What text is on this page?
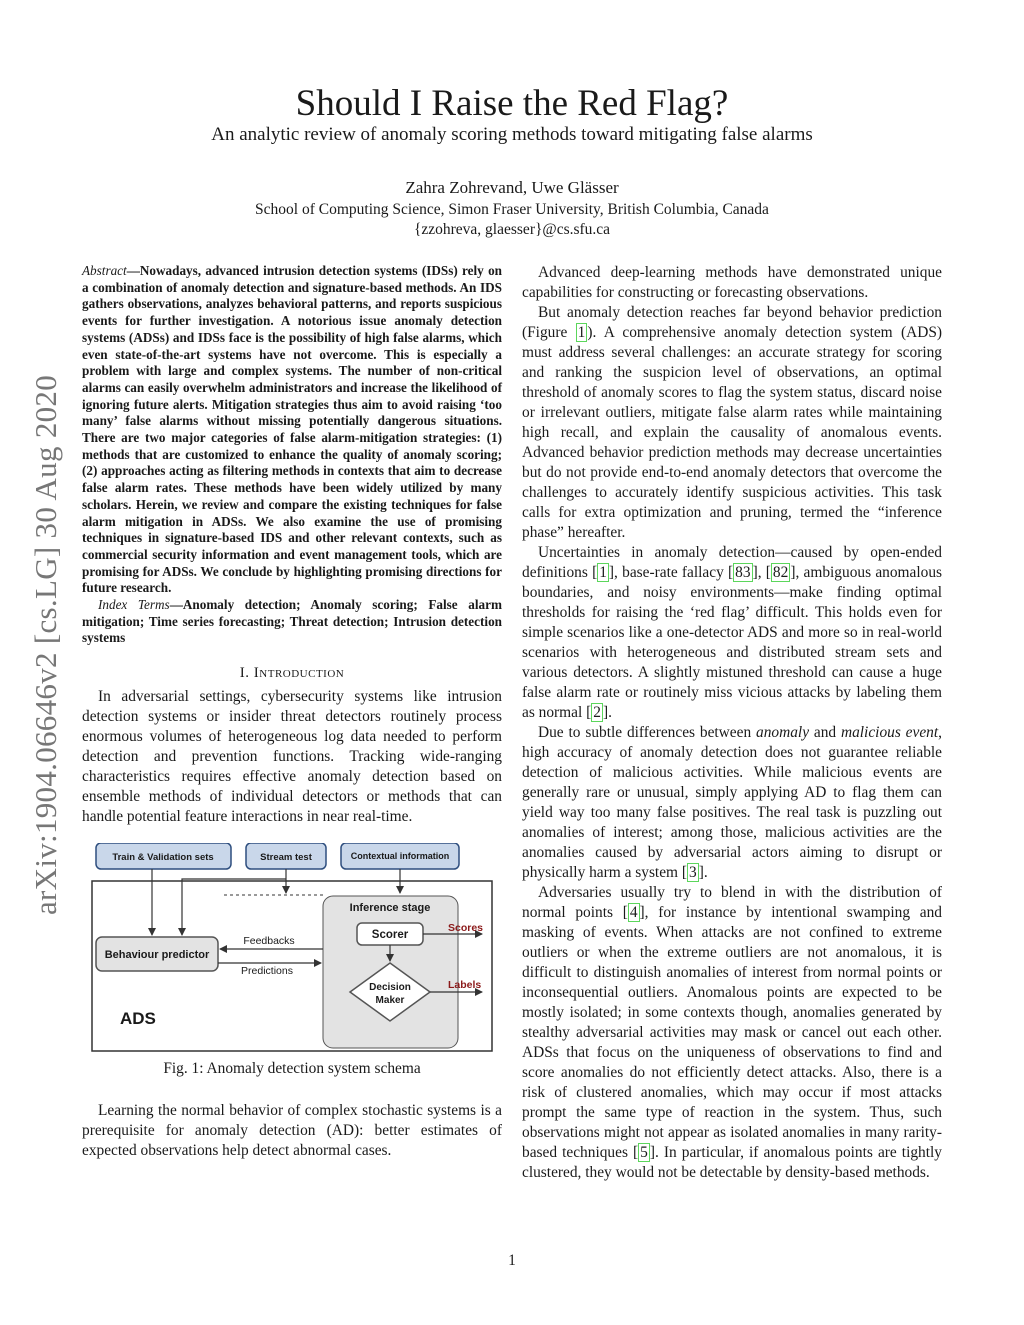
arXiv:1904.06646v2 [cs.LG] 30 Aug 2020
Should I Raise the Red Flag?
An analytic review of anomaly scoring methods toward mitigating false alarms
Zahra Zohrevand, Uwe Glässer
School of Computing Science, Simon Fraser University, British Columbia, Canada
{zzohreva, glaesser}@cs.sfu.ca

Abstract—Nowadays, advanced intrusion detection systems (IDSs) rely on a combination of anomaly detection and signature-based methods. An IDS gathers observations, analyzes behavioral patterns, and reports suspicious events for further investigation. A notorious issue anomaly detection systems (ADSs) and IDSs face is the possibility of high false alarms, which even state-of-the-art systems have not overcome. This is especially a problem with large and complex systems. The number of non-critical alarms can easily overwhelm administrators and increase the likelihood of ignoring future alerts. Mitigation strategies thus aim to avoid raising ‘too many’ false alarms without missing potentially dangerous situations. There are two major categories of false alarm-mitigation strategies: (1) methods that are customized to enhance the quality of anomaly scoring; (2) approaches acting as filtering methods in contexts that aim to decrease false alarm rates. These methods have been widely utilized by many scholars. Herein, we review and compare the existing techniques for false alarm mitigation in ADSs. We also examine the use of promising techniques in signature-based IDS and other relevant contexts, such as commercial security information and event management tools, which are promising for ADSs. We conclude by highlighting promising directions for future research.

Index Terms—Anomaly detection; Anomaly scoring; False alarm mitigation; Time series forecasting; Threat detection; Intrusion detection systems

I. Introduction

In adversarial settings, cybersecurity systems like intrusion detection systems or insider threat detectors routinely process enormous volumes of heterogeneous log data needed to perform detection and prevention functions. Tracking wide-ranging characteristics requires effective anomaly detection based on ensemble methods of individual detectors or methods that can handle potential feature interactions in near real-time.

Train & Validation sets	Stream test	Contextual information
Inference stage
Scorer
Scores
Behaviour predictor
Feedbacks
Predictions
Decision
Maker
Labels
ADS
Fig. 1: Anomaly detection system schema

Learning the normal behavior of complex stochastic systems is a prerequisite for anomaly detection (AD): better estimates of expected observations help detect abnormal cases.

Advanced deep-learning methods have demonstrated unique capabilities for constructing or forecasting observations.

But anomaly detection reaches far beyond behavior prediction (Figure 1 ). A comprehensive anomaly detection system (ADS) must address several challenges: an accurate strategy for scoring and ranking the suspicion level of observations, an optimal threshold of anomaly scores to flag the system status, discard noise or irrelevant outliers, mitigate false alarm rates while maintaining high recall, and explain the causality of anomalous events. Advanced behavior prediction methods may decrease uncertainties but do not provide end-to-end anomaly detectors that overcome the challenges to accurately identify suspicious activities. This task calls for extra optimization and pruning, termed the “inference phase” hereafter.

Uncertainties in anomaly detection—caused by open-ended definitions [ 1 ], base-rate fallacy [ 83 ], [ 82 ], ambiguous anomalous boundaries, and noisy environments—make finding optimal thresholds for raising the ‘red flag’ difficult. This holds even for simple scenarios like a one-detector ADS and more so in real-world scenarios with heterogeneous and distributed stream sets and various detectors. A slightly mistuned threshold can cause a huge false alarm rate or routinely miss vicious attacks by labeling them as normal [ 2 ].

Due to subtle differences between anomaly and malicious event, high accuracy of anomaly detection does not guarantee reliable detection of malicious activities. While malicious events are generally rare or unusual, simply applying AD to flag them can yield way too many false positives. The real task is puzzling out anomalies of interest; among those, malicious activities are the anomalies caused by adversarial actors aiming to disrupt or physically harm a system [ 3 ].

Adversaries usually try to blend in with the distribution of normal points [ 4 ], for instance by intentional swamping and masking of events. When attacks are not confined to extreme outliers or when the extreme outliers are not anomalous, it is difficult to distinguish anomalies of interest from normal points or inconsequential outliers. Anomalous points are expected to be mostly isolated; in some contexts though, anomalies generated by stealthy adversarial activities may mask or cancel out each other. ADSs that focus on the uniqueness of observations to find and score anomalies do not efficiently detect attacks. Also, there is a risk of clustered anomalies, which may occur if most attacks prompt the same type of reaction in the system. Thus, such observations might not appear as isolated anomalies in many rarity-based techniques [ 5 ]. In particular, if anomalous points are tightly clustered, they would not be detectable by density-based methods.

1
